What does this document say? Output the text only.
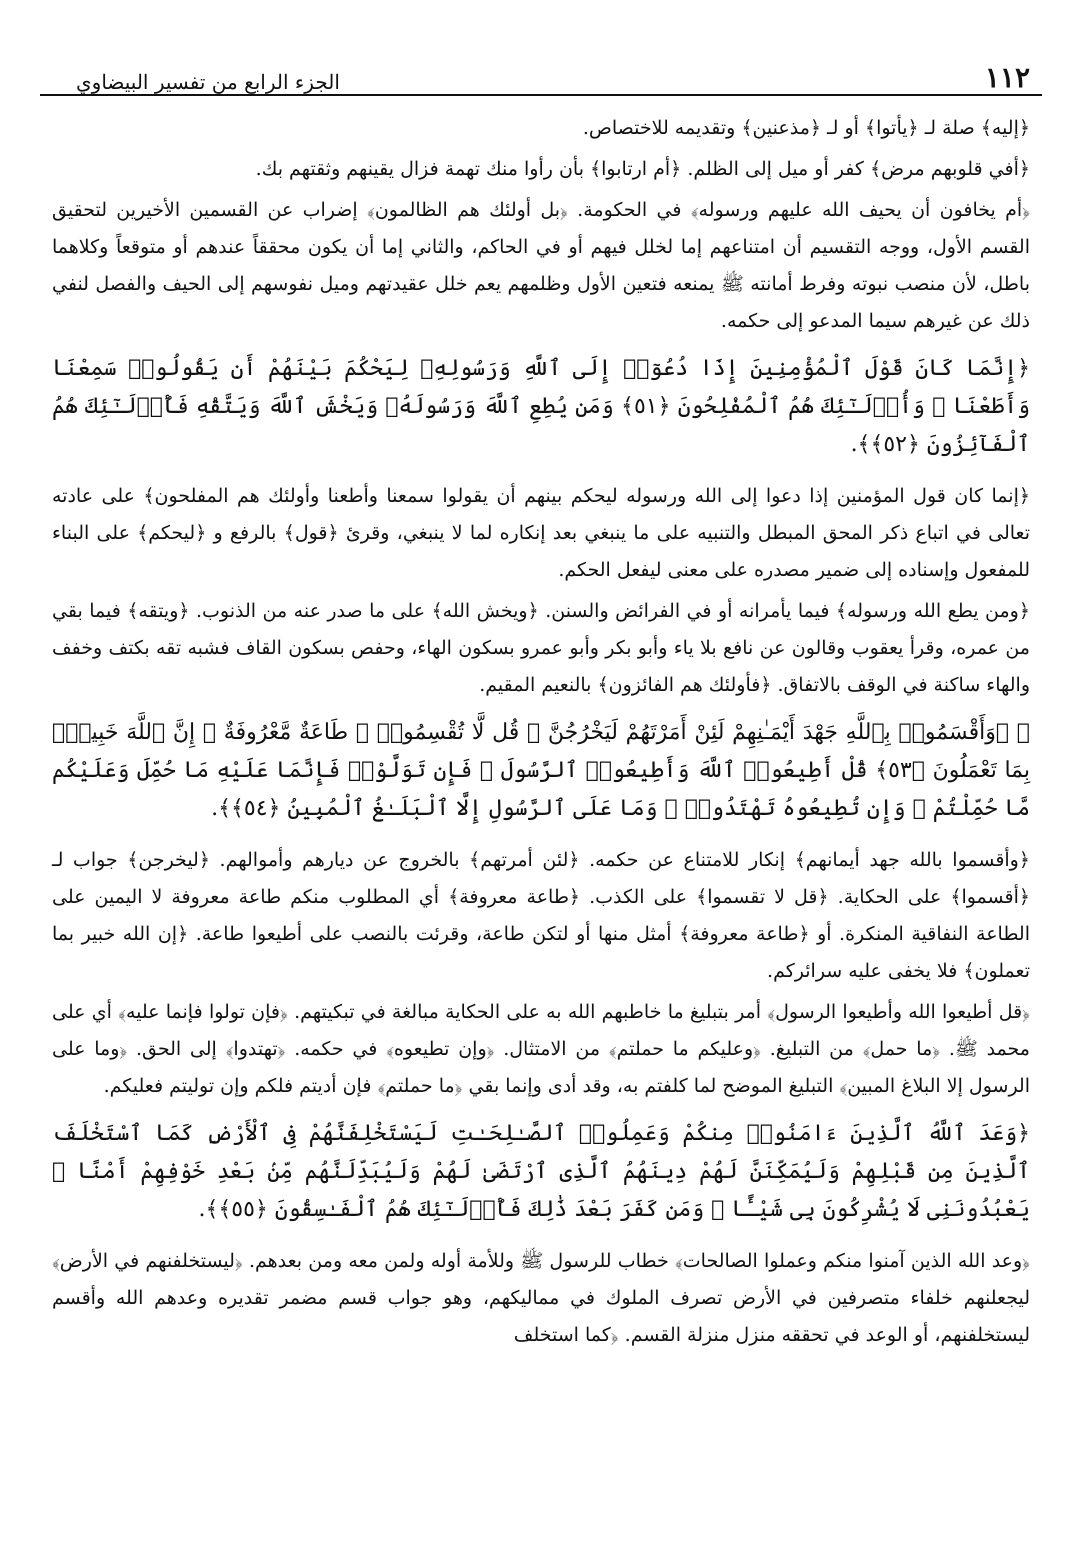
١١٢
الجزء الرابع من تفسير البيضاوي

﴿إليه﴾ صلة لـ ﴿يأتوا﴾ أو لـ ﴿مذعنين﴾ وتقديمه للاختصاص.

﴿أفي قلوبهم مرض﴾ كفر أو ميل إلى الظلم. ﴿أم ارتابوا﴾ بأن رأوا منك تهمة فزال يقينهم وثقتهم بك.

﴿أم يخافون أن يحيف الله عليهم ورسوله﴾ في الحكومة. ﴿بل أولئك هم الظالمون﴾ إضراب عن القسمين الأخيرين لتحقيق القسم الأول، ووجه التقسيم أن امتناعهم إما لخلل فيهم أو في الحاكم، والثاني إما أن يكون محققاً عندهم أو متوقعاً وكلاهما باطل، لأن منصب نبوته وفرط أمانته ﷺ يمنعه فتعين الأول وظلمهم يعم خلل عقيدتهم وميل نفوسهم إلى الحيف والفصل لنفي ذلك عن غيرهم سيما المدعو إلى حكمه.

﴿إِنَّمَا كَانَ قَوْلَ ٱلْمُؤْمِنِينَ إِذَا دُعُوٓا۟ إِلَى ٱللَّهِ وَرَسُولِهِۦ لِيَحْكُمَ بَيْنَهُمْ أَن يَقُولُوا۟ سَمِعْنَا وَأَطَعْنَا ۚ وَأُو۟لَـٰٓئِكَ هُمُ ٱلْمُفْلِحُونَ ﴿٥١﴾ وَمَن يُطِعِ ٱللَّهَ وَرَسُولَهُۥ وَيَخْشَ ٱللَّهَ وَيَتَّقْهِ فَأُو۟لَـٰٓئِكَ هُمُ ٱلْفَآئِزُونَ ﴿٥٢﴾﴾.

﴿إنما كان قول المؤمنين إذا دعوا إلى الله ورسوله ليحكم بينهم أن يقولوا سمعنا وأطعنا وأولئك هم المفلحون﴾ على عادته تعالى في اتباع ذكر المحق المبطل والتنبيه على ما ينبغي بعد إنكاره لما لا ينبغي، وقرئ ﴿قول﴾ بالرفع و ﴿ليحكم﴾ على البناء للمفعول وإسناده إلى ضمير مصدره على معنى ليفعل الحكم.

﴿ومن يطع الله ورسوله﴾ فيما يأمرانه أو في الفرائض والسنن. ﴿ويخش الله﴾ على ما صدر عنه من الذنوب. ﴿ويتقه﴾ فيما بقي من عمره، وقرأ يعقوب وقالون عن نافع بلا ياء وأبو بكر وأبو عمرو بسكون الهاء، وحفص بسكون القاف فشبه تقه بكتف وخفف والهاء ساكنة في الوقف بالاتفاق. ﴿فأولئك هم الفائزون﴾ بالنعيم المقيم.

۞ ﴿وَأَقْسَمُوا۟ بِٱللَّهِ جَهْدَ أَيْمَـٰنِهِمْ لَئِنْ أَمَرْتَهُمْ لَيَخْرُجُنَّ ۖ قُل لَّا تُقْسِمُوا۟ ۖ طَاعَةٌ مَّعْرُوفَةٌ ۚ إِنَّ ٱللَّهَ خَبِيرٌۢ بِمَا تَعْمَلُونَ ﴿٥٣﴾ قُلْ أَطِيعُوا۟ ٱللَّهَ وَأَطِيعُوا۟ ٱلرَّسُولَ ۖ فَإِن تَوَلَّوْا۟ فَإِنَّمَا عَلَيْهِ مَا حُمِّلَ وَعَلَيْكُم مَّا حُمِّلْتُمْ ۖ وَإِن تُطِيعُوهُ تَهْتَدُوا۟ ۚ وَمَا عَلَى ٱلرَّسُولِ إِلَّا ٱلْبَلَـٰغُ ٱلْمُبِينُ ﴿٥٤﴾﴾.

﴿وأقسموا بالله جهد أيمانهم﴾ إنكار للامتناع عن حكمه. ﴿لئن أمرتهم﴾ بالخروج عن ديارهم وأموالهم. ﴿ليخرجن﴾ جواب لـ ﴿أقسموا﴾ على الحكاية. ﴿قل لا تقسموا﴾ على الكذب. ﴿طاعة معروفة﴾ أي المطلوب منكم طاعة معروفة لا اليمين على الطاعة النفاقية المنكرة. أو ﴿طاعة معروفة﴾ أمثل منها أو لتكن طاعة، وقرئت بالنصب على أطيعوا طاعة. ﴿إن الله خبير بما تعملون﴾ فلا يخفى عليه سرائركم.

﴿قل أطيعوا الله وأطيعوا الرسول﴾ أمر بتبليغ ما خاطبهم الله به على الحكاية مبالغة في تبكيتهم. ﴿فإن تولوا فإنما عليه﴾ أي على محمد ﷺ. ﴿ما حمل﴾ من التبليغ. ﴿وعليكم ما حملتم﴾ من الامتثال. ﴿وإن تطيعوه﴾ في حكمه. ﴿تهتدوا﴾ إلى الحق. ﴿وما على الرسول إلا البلاغ المبين﴾ التبليغ الموضح لما كلفتم به، وقد أدى وإنما بقي ﴿ما حملتم﴾ فإن أديتم فلكم وإن توليتم فعليكم.

﴿وَعَدَ ٱللَّهُ ٱلَّذِينَ ءَامَنُوا۟ مِنكُمْ وَعَمِلُوا۟ ٱلصَّـٰلِحَـٰتِ لَيَسْتَخْلِفَنَّهُمْ فِى ٱلْأَرْضِ كَمَا ٱسْتَخْلَفَ ٱلَّذِينَ مِن قَبْلِهِمْ وَلَيُمَكِّنَنَّ لَهُمْ دِينَهُمُ ٱلَّذِى ٱرْتَضَىٰ لَهُمْ وَلَيُبَدِّلَنَّهُم مِّنۢ بَعْدِ خَوْفِهِمْ أَمْنًا ۚ يَعْبُدُونَنِى لَا يُشْرِكُونَ بِى شَيْـًٔا ۚ وَمَن كَفَرَ بَعْدَ ذَٰلِكَ فَأُو۟لَـٰٓئِكَ هُمُ ٱلْفَـٰسِقُونَ ﴿٥٥﴾﴾.

﴿وعد الله الذين آمنوا منكم وعملوا الصالحات﴾ خطاب للرسول ﷺ وللأمة أوله ولمن معه ومن بعدهم. ﴿ليستخلفنهم في الأرض﴾ ليجعلنهم خلفاء متصرفين في الأرض تصرف الملوك في مماليكهم، وهو جواب قسم مضمر تقديره وعدهم الله وأقسم ليستخلفنهم، أو الوعد في تحققه منزل منزلة القسم. ﴿كما استخلف
